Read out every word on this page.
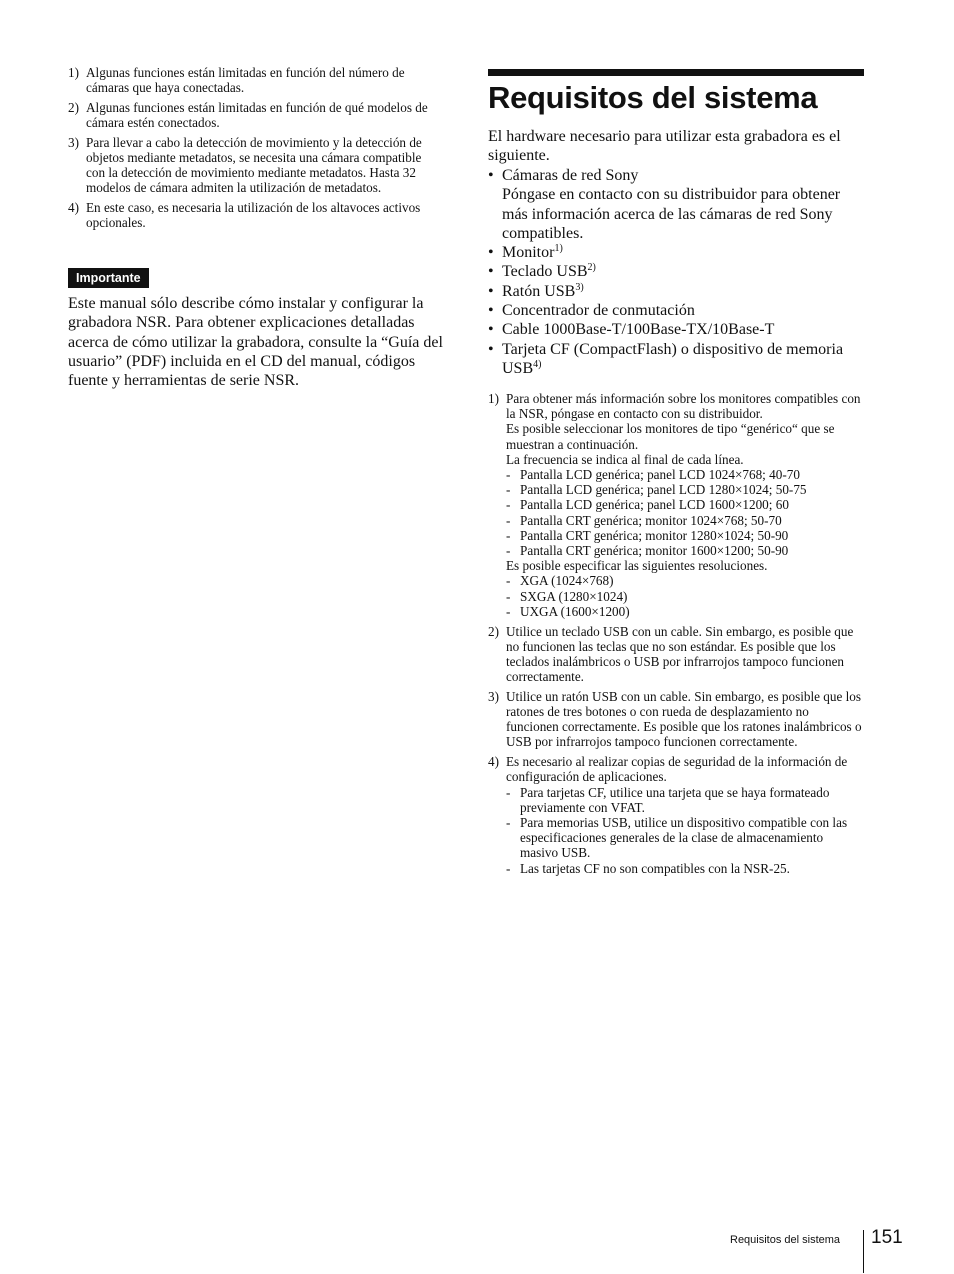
1) Algunas funciones están limitadas en función del número de cámaras que haya conectadas.
2) Algunas funciones están limitadas en función de qué modelos de cámara estén conectados.
3) Para llevar a cabo la detección de movimiento y la detección de objetos mediante metadatos, se necesita una cámara compatible con la detección de movimiento mediante metadatos. Hasta 32 modelos de cámara admiten la utilización de metadatos.
4) En este caso, es necesaria la utilización de los altavoces activos opcionales.
Importante

Este manual sólo describe cómo instalar y configurar la grabadora NSR. Para obtener explicaciones detalladas acerca de cómo utilizar la grabadora, consulte la “Guía del usuario” (PDF) incluida en el CD del manual, códigos fuente y herramientas de serie NSR.

Requisitos del sistema

El hardware necesario para utilizar esta grabadora es el siguiente.

• Cámaras de red Sony
Póngase en contacto con su distribuidor para obtener más información acerca de las cámaras de red Sony compatibles.
• Monitor$^{1)}$
• Teclado USB$^{2)}$
• Ratón USB$^{3)}$
• Concentrador de conmutación
• Cable 1000Base-T/100Base-TX/10Base-T
• Tarjeta CF (CompactFlash) o dispositivo de memoria USB$^{4)}$
1) Para obtener más información sobre los monitores compatibles con la NSR, póngase en contacto con su distribuidor.

Es posible seleccionar los monitores de tipo “genérico“ que se muestran a continuación.

La frecuencia se indica al final de cada línea.

- Pantalla LCD genérica; panel LCD 1024×768; 40-70
- Pantalla LCD genérica; panel LCD 1280×1024; 50-75
- Pantalla LCD genérica; panel LCD 1600×1200; 60
- Pantalla CRT genérica; monitor 1024×768; 50-70
- Pantalla CRT genérica; monitor 1280×1024; 50-90
- Pantalla CRT genérica; monitor 1600×1200; 50-90

Es posible especificar las siguientes resoluciones.

- XGA (1024×768)
- SXGA (1280×1024)
- UXGA (1600×1200)
2) Utilice un teclado USB con un cable. Sin embargo, es posible que no funcionen las teclas que no son estándar. Es posible que los teclados inalámbricos o USB por infrarrojos tampoco funcionen correctamente.

3) Utilice un ratón USB con un cable. Sin embargo, es posible que los ratones de tres botones o con rueda de desplazamiento no funcionen correctamente. Es posible que los ratones inalámbricos o USB por infrarrojos tampoco funcionen correctamente.

4) Es necesario al realizar copias de seguridad de la información de configuración de aplicaciones.

- Para tarjetas CF, utilice una tarjeta que se haya formateado previamente con VFAT.
- Para memorias USB, utilice un dispositivo compatible con las especificaciones generales de la clase de almacenamiento masivo USB.
- Las tarjetas CF no son compatibles con la NSR-25.
Requisitos del sistema 151
